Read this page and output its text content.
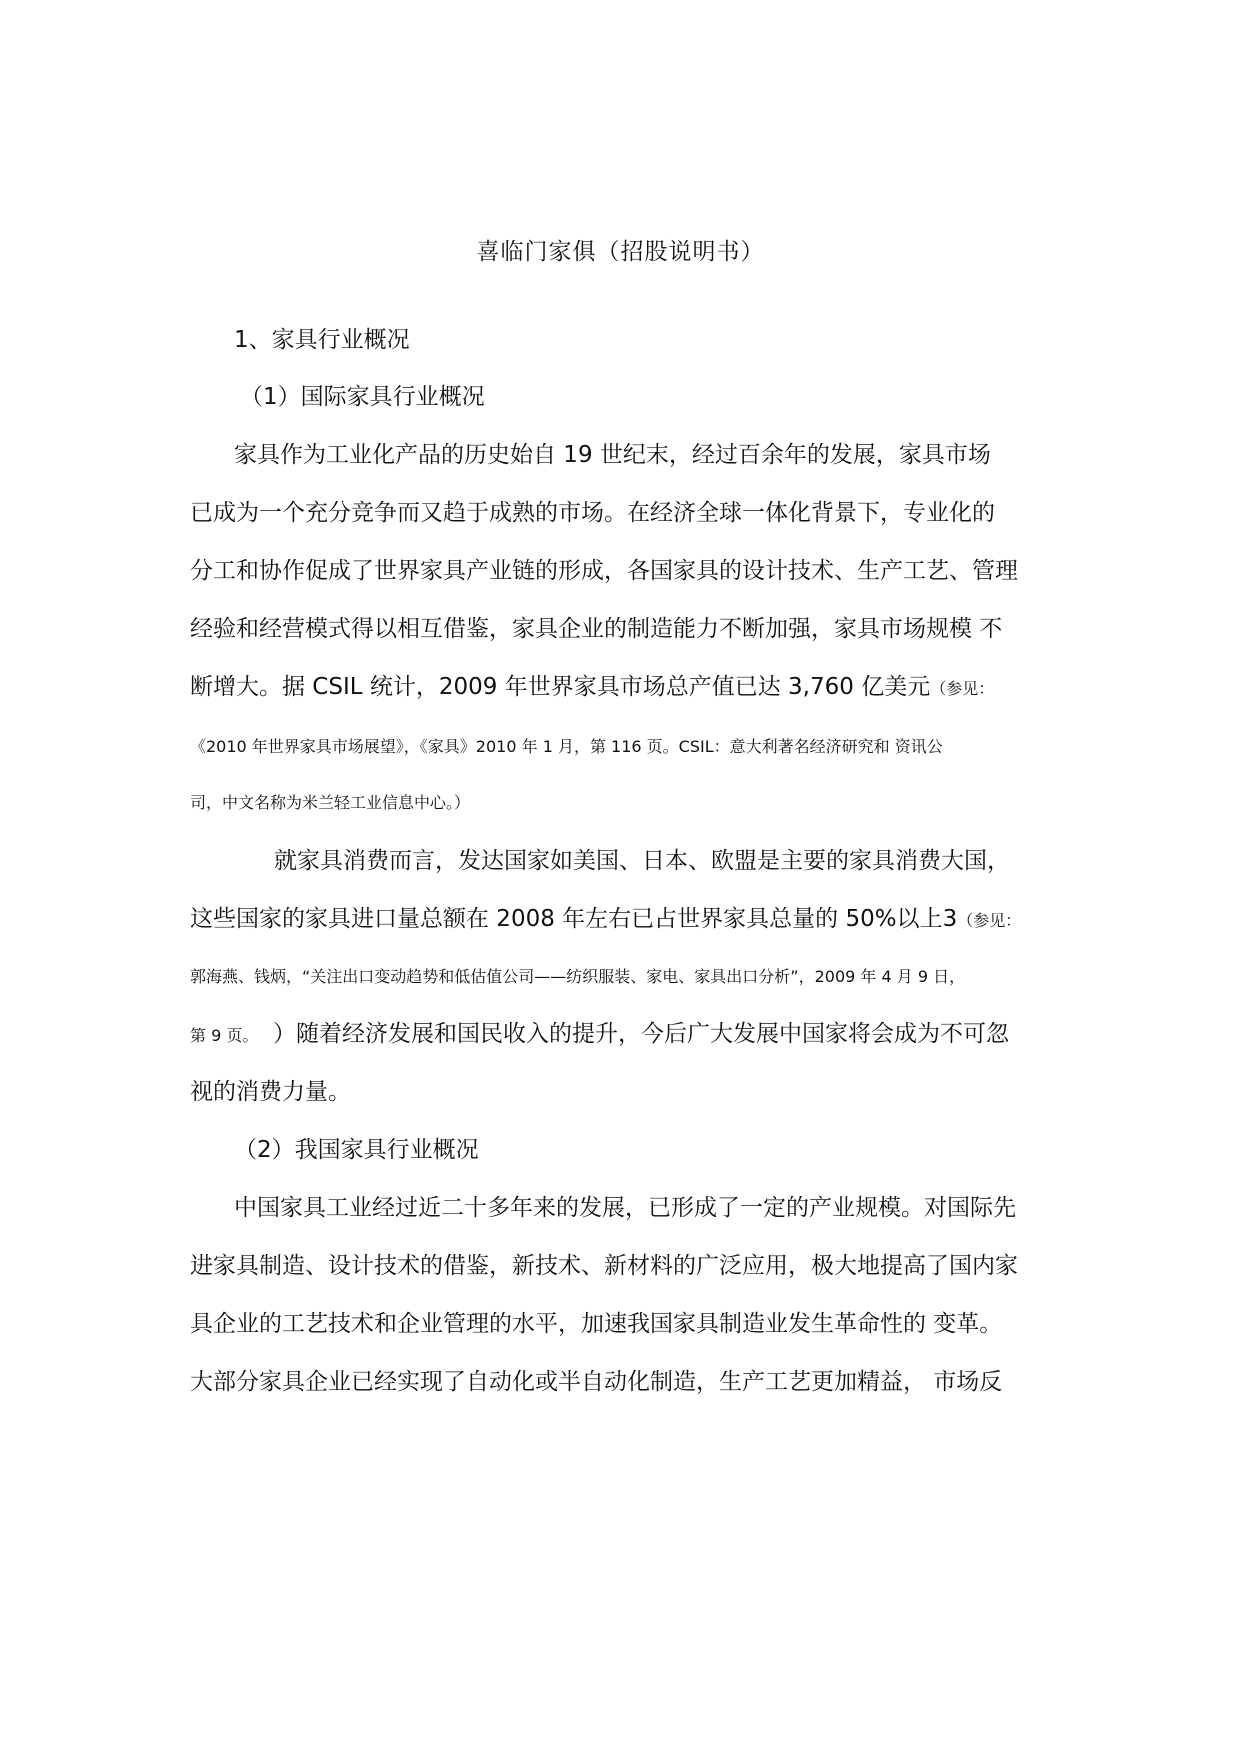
喜临门家俱（招股说明书）
1、家具行业概况
（1）国际家具行业概况
家具作为工业化产品的历史始自 19 世纪末，经过百余年的发展，家具市场
已成为一个充分竞争而又趋于成熟的市场。在经济全球一体化背景下，专业化的
分工和协作促成了世界家具产业链的形成，各国家具的设计技术、生产工艺、管理
经验和经营模式得以相互借鉴，家具企业的制造能力不断加强，家具市场规模 不
断增大。据 CSIL 统计，2009 年世界家具市场总产值已达 3,760 亿美元（参见：
《2010 年世界家具市场展望》，《家具》2010 年 1 月，第 116 页。CSIL：意大利著名经济研究和 资讯公
司，中文名称为米兰轻工业信息中心。）
就家具消费而言，发达国家如美国、日本、欧盟是主要的家具消费大国，
这些国家的家具进口量总额在 2008 年左右已占世界家具总量的 50%以上3（参见：
郭海燕、钱炳，“关注出口变动趋势和低估值公司——纺织服装、家电、家具出口分析”，2009 年 4 月 9 日，
第 9 页。 ）随着经济发展和国民收入的提升，今后广大发展中国家将会成为不可忽
视的消费力量。
（2）我国家具行业概况
中国家具工业经过近二十多年来的发展，已形成了一定的产业规模。对国际先
进家具制造、设计技术的借鉴，新技术、新材料的广泛应用，极大地提高了国内家
具企业的工艺技术和企业管理的水平，加速我国家具制造业发生革命性的 变革。
大部分家具企业已经实现了自动化或半自动化制造，生产工艺更加精益， 市场反
